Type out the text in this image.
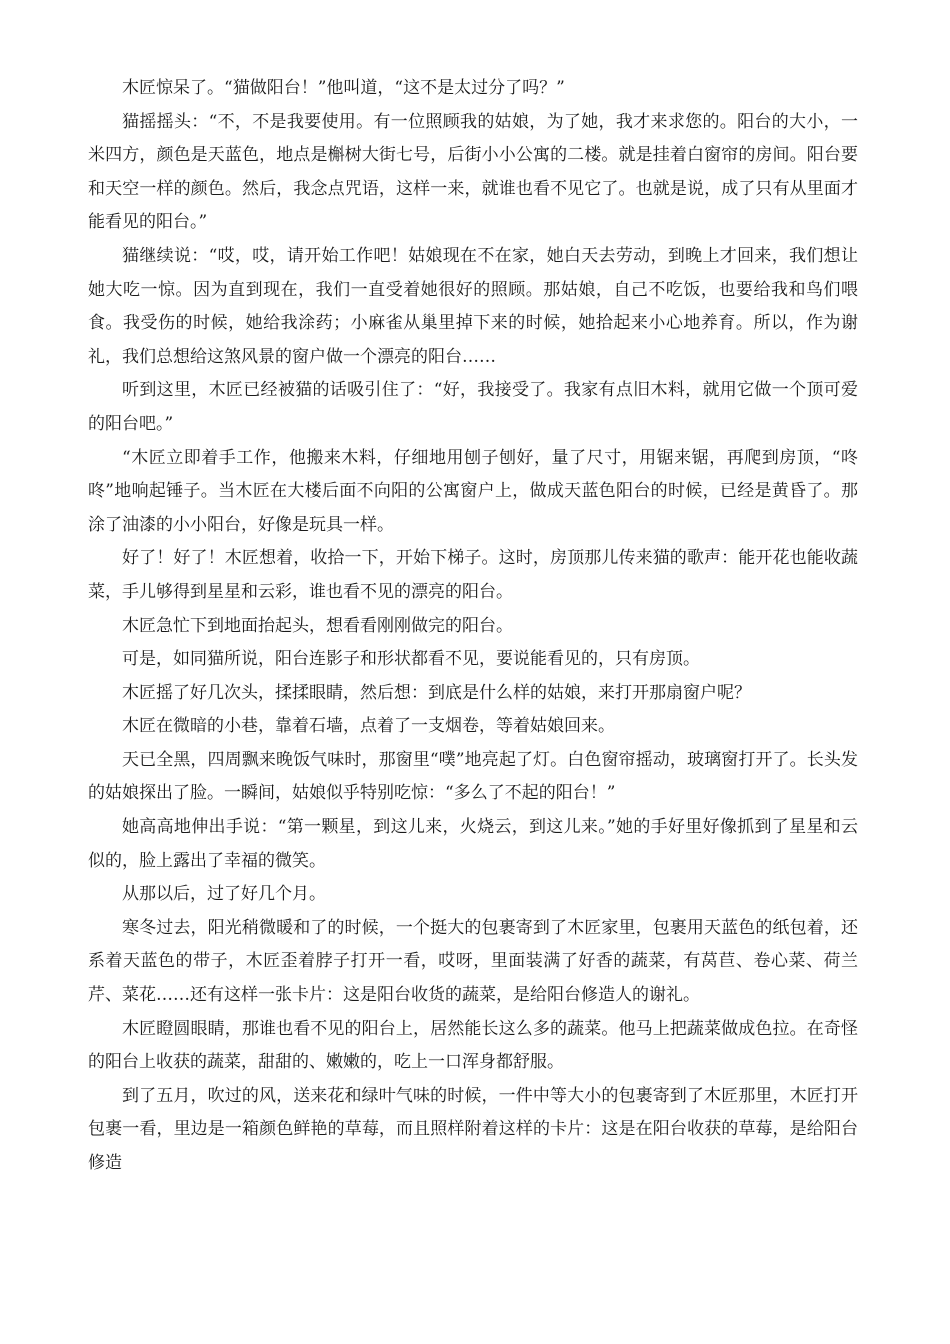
木匠惊呆了。“猫做阳台！”他叫道，“这不是太过分了吗？”

猫摇摇头：“不，不是我要使用。有一位照顾我的姑娘，为了她，我才来求您的。阳台的大小，一米四方，颜色是天蓝色，地点是槲树大街七号，后街小小公寓的二楼。就是挂着白窗帘的房间。阳台要和天空一样的颜色。然后，我念点咒语，这样一来，就谁也看不见它了。也就是说，成了只有从里面才能看见的阳台。”

猫继续说：“哎，哎，请开始工作吧！姑娘现在不在家，她白天去劳动，到晚上才回来，我们想让她大吃一惊。因为直到现在，我们一直受着她很好的照顾。那姑娘，自己不吃饭，也要给我和鸟们喂食。我受伤的时候，她给我涂药；小麻雀从巢里掉下来的时候，她拾起来小心地养育。所以，作为谢礼，我们总想给这煞风景的窗户做一个漂亮的阳台……

听到这里，木匠已经被猫的话吸引住了：“好，我接受了。我家有点旧木料，就用它做一个顶可爱的阳台吧。”

“木匠立即着手工作，他搬来木料，仔细地用刨子刨好，量了尺寸，用锯来锯，再爬到房顶，“咚咚”地响起锤子。当木匠在大楼后面不向阳的公寓窗户上，做成天蓝色阳台的时候，已经是黄昏了。那涂了油漆的小小阳台，好像是玩具一样。

好了！好了！木匠想着，收拾一下，开始下梯子。这时，房顶那儿传来猫的歌声：能开花也能收蔬菜，手儿够得到星星和云彩，谁也看不见的漂亮的阳台。

木匠急忙下到地面抬起头，想看看刚刚做完的阳台。

可是，如同猫所说，阳台连影子和形状都看不见，要说能看见的，只有房顶。

木匠摇了好几次头，揉揉眼睛，然后想：到底是什么样的姑娘，来打开那扇窗户呢？

木匠在微暗的小巷，靠着石墙，点着了一支烟卷，等着姑娘回来。

天已全黑，四周飘来晚饭气味时，那窗里“噗”地亮起了灯。白色窗帘摇动，玻璃窗打开了。长头发的姑娘探出了脸。一瞬间，姑娘似乎特别吃惊：“多么了不起的阳台！”

她高高地伸出手说：“第一颗星，到这儿来，火烧云，到这儿来。”她的手好里好像抓到了星星和云似的，脸上露出了幸福的微笑。

从那以后，过了好几个月。

寒冬过去，阳光稍微暖和了的时候，一个挺大的包裹寄到了木匠家里，包裹用天蓝色的纸包着，还系着天蓝色的带子，木匠歪着脖子打开一看，哎呀，里面装满了好香的蔬菜，有莴苣、卷心菜、荷兰芹、菜花……还有这样一张卡片：这是阳台收货的蔬菜，是给阳台修造人的谢礼。

木匠瞪圆眼睛，那谁也看不见的阳台上，居然能长这么多的蔬菜。他马上把蔬菜做成色拉。在奇怪的阳台上收获的蔬菜，甜甜的、嫩嫩的，吃上一口浑身都舒服。

到了五月，吹过的风，送来花和绿叶气味的时候，一件中等大小的包裹寄到了木匠那里，木匠打开包裹一看，里边是一箱颜色鲜艳的草莓，而且照样附着这样的卡片：这是在阳台收获的草莓，是给阳台修造
